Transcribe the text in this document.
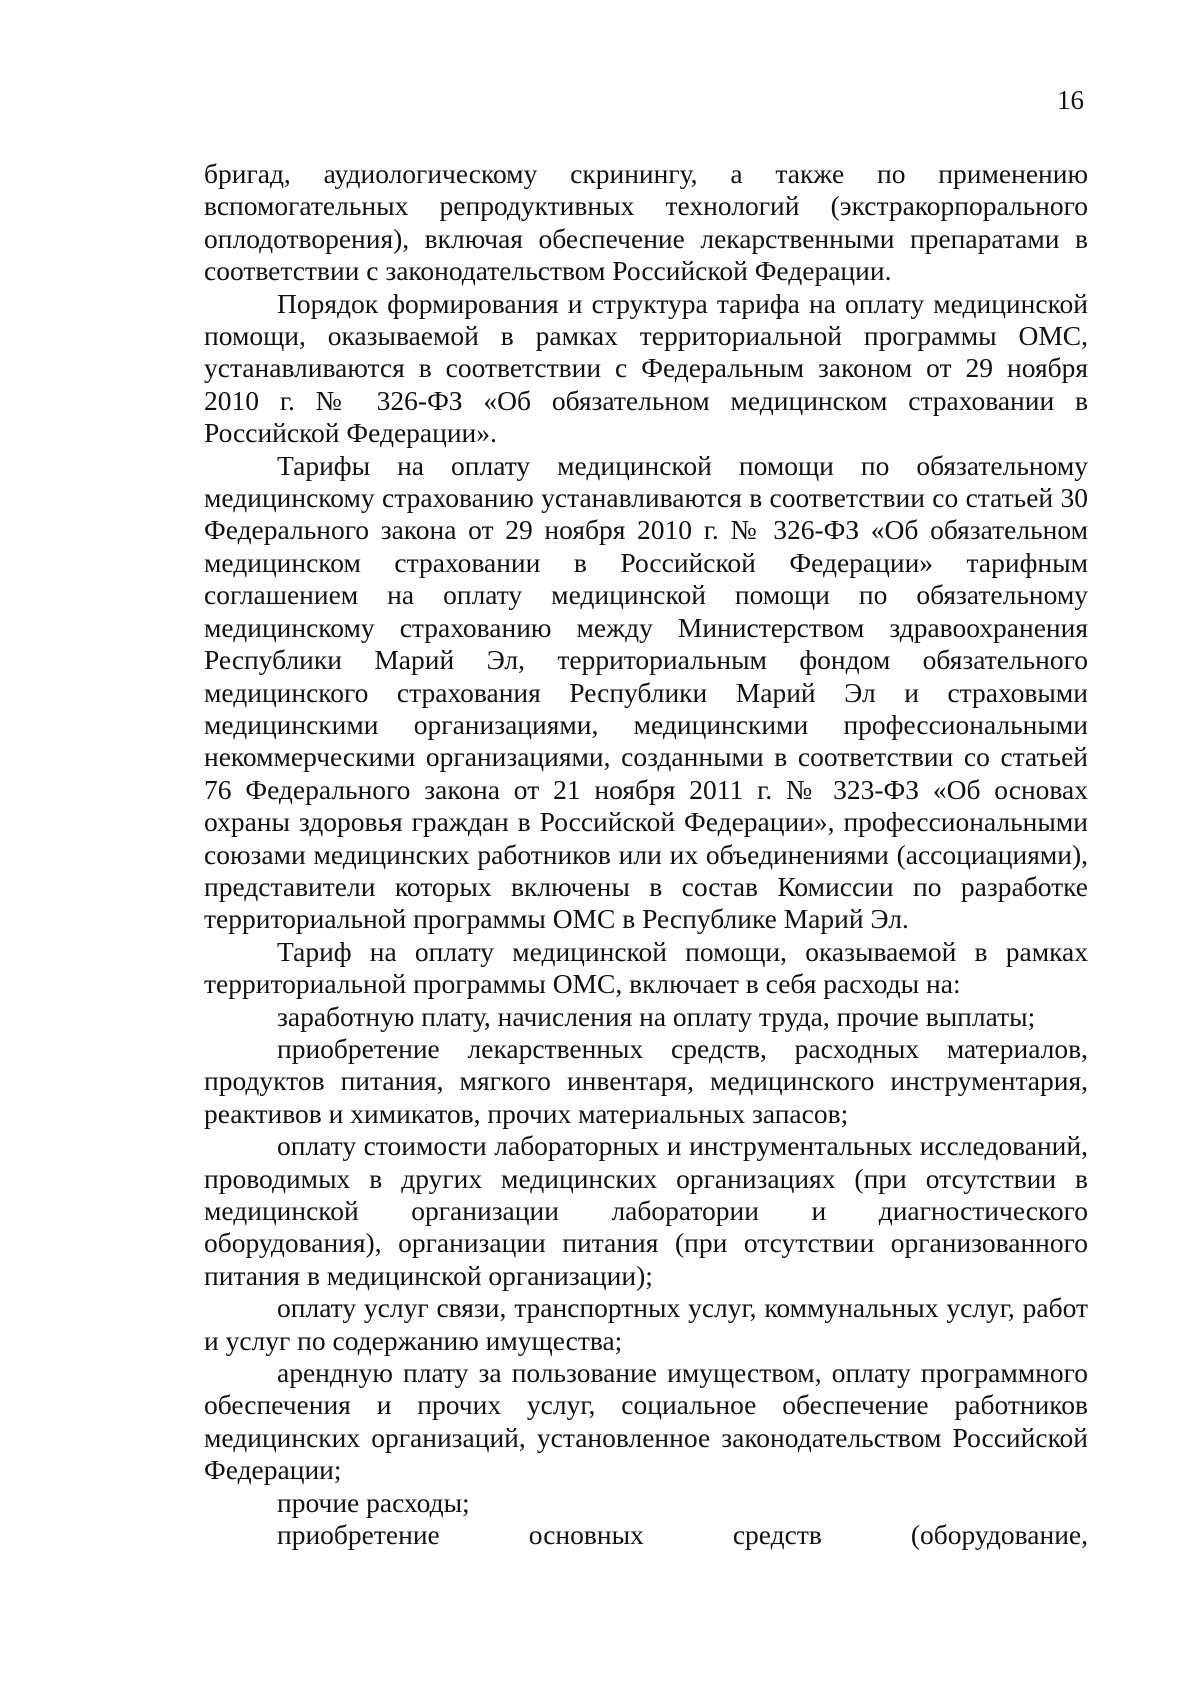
16

бригад, аудиологическому скринингу, а также по применению вспомогательных репродуктивных технологий (экстракорпорального оплодотворения), включая обеспечение лекарственными препаратами в соответствии с законодательством Российской Федерации.

Порядок формирования и структура тарифа на оплату медицинской помощи, оказываемой в рамках территориальной программы ОМС, устанавливаются в соответствии с Федеральным законом от 29 ноября 2010 г. № 326-ФЗ «Об обязательном медицинском страховании в Российской Федерации».

Тарифы на оплату медицинской помощи по обязательному медицинскому страхованию устанавливаются в соответствии со статьей 30 Федерального закона от 29 ноября 2010 г. № 326-ФЗ «Об обязательном медицинском страховании в Российской Федерации» тарифным соглашением на оплату медицинской помощи по обязательному медицинскому страхованию между Министерством здравоохранения Республики Марий Эл, территориальным фондом обязательного медицинского страхования Республики Марий Эл и страховыми медицинскими организациями, медицинскими профессиональными некоммерческими организациями, созданными в соответствии со статьей 76 Федерального закона от 21 ноября 2011 г. № 323-ФЗ «Об основах охраны здоровья граждан в Российской Федерации», профессиональными союзами медицинских работников или их объединениями (ассоциациями), представители которых включены в состав Комиссии по разработке территориальной программы ОМС в Республике Марий Эл.

Тариф на оплату медицинской помощи, оказываемой в рамках территориальной программы ОМС, включает в себя расходы на:

заработную плату, начисления на оплату труда, прочие выплаты;

приобретение лекарственных средств, расходных материалов, продуктов питания, мягкого инвентаря, медицинского инструментария, реактивов и химикатов, прочих материальных запасов;

оплату стоимости лабораторных и инструментальных исследований, проводимых в других медицинских организациях (при отсутствии в медицинской организации лаборатории и диагностического оборудования), организации питания (при отсутствии организованного питания в медицинской организации);

оплату услуг связи, транспортных услуг, коммунальных услуг, работ и услуг по содержанию имущества;

арендную плату за пользование имуществом, оплату программного обеспечения и прочих услуг, социальное обеспечение работников медицинских организаций, установленное законодательством Российской Федерации;

прочие расходы;

приобретение основных средств (оборудование,
